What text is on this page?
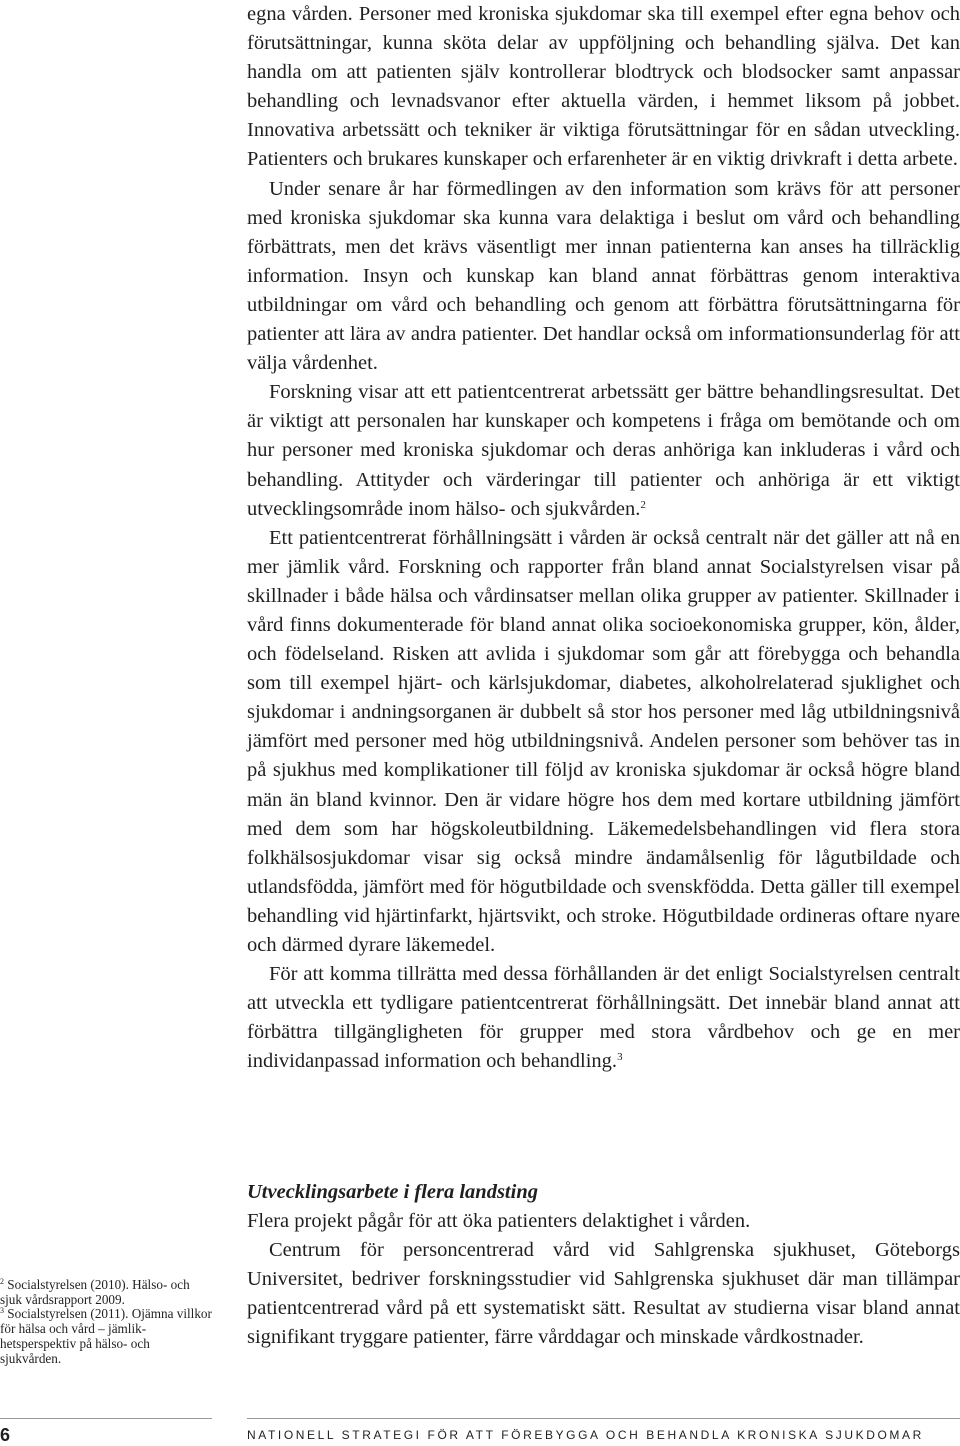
egna vården. Personer med kroniska sjukdomar ska till exempel efter egna behov och förutsättningar, kunna sköta delar av uppföljning och behandling själva. Det kan handla om att patienten själv kontrollerar blodtryck och blodsocker samt anpassar behandling och levnadsvanor efter aktuella värden, i hemmet liksom på jobbet. Innovativa arbetssätt och tekniker är viktiga förutsättningar för en sådan utveckling. Patienters och brukares kunskaper och erfarenheter är en viktig drivkraft i detta arbete.

Under senare år har förmedlingen av den information som krävs för att personer med kroniska sjukdomar ska kunna vara delaktiga i beslut om vård och behandling förbättrats, men det krävs väsentligt mer innan patienterna kan anses ha tillräcklig information. Insyn och kunskap kan bland annat förbättras genom interaktiva utbildningar om vård och behandling och genom att förbättra förutsättningarna för patienter att lära av andra patienter. Det handlar också om informationsunderlag för att välja vårdenhet.

Forskning visar att ett patientcentrerat arbetssätt ger bättre behandlingsresultat. Det är viktigt att personalen har kunskaper och kompetens i fråga om bemötande och om hur personer med kroniska sjukdomar och deras anhöriga kan inkluderas i vård och behandling. Attityder och värderingar till patienter och anhöriga är ett viktigt utvecklingsområde inom hälso- och sjukvården.$^2$

Ett patientcentrerat förhållningsätt i vården är också centralt när det gäller att nå en mer jämlik vård. Forskning och rapporter från bland annat Socialstyrelsen visar på skillnader i både hälsa och vårdinsatser mellan olika grupper av patienter. Skillnader i vård finns dokumenterade för bland annat olika socioekonomiska grupper, kön, ålder, och födelseland. Risken att avlida i sjukdomar som går att förebygga och behandla som till exempel hjärt- och kärlsjukdomar, diabetes, alkoholrelaterad sjuklighet och sjukdomar i andningsorganen är dubbelt så stor hos personer med låg utbildningsnivå jämfört med personer med hög utbildningsnivå. Andelen personer som behöver tas in på sjukhus med komplikationer till följd av kroniska sjukdomar är också högre bland män än bland kvinnor. Den är vidare högre hos dem med kortare utbildning jämfört med dem som har högskoleutbildning. Läkemedelsbehandlingen vid flera stora folkhälsosjukdomar visar sig också mindre ändamålsenlig för lågutbildade och utlandsfödda, jämfört med för högutbildade och svenskfödda. Detta gäller till exempel behandling vid hjärtinfarkt, hjärtsvikt, och stroke. Högutbildade ordineras oftare nyare och därmed dyrare läkemedel.

För att komma tillrätta med dessa förhållanden är det enligt Socialstyrelsen centralt att utveckla ett tydligare patientcentrerat förhållningsätt. Det innebär bland annat att förbättra tillgängligheten för grupper med stora vårdbehov och ge en mer individanpassad information och behandling.$^3$

Utvecklingsarbete i flera landsting

Flera projekt pågår för att öka patienters delaktighet i vården.

Centrum för personcentrerad vård vid Sahlgrenska sjukhuset, Göteborgs Universitet, bedriver forskningsstudier vid Sahlgrenska sjukhuset där man tillämpar patientcentrerad vård på ett systematiskt sätt. Resultat av studierna visar bland annat signifikant tryggare patienter, färre vårddagar och minskade vårdkostnader.

$^2$ Socialstyrelsen (2010). Hälso- och sjuk vårdsrapport 2009.
$^3$ Socialstyrelsen (2011). Ojämna villkor för hälsa och vård – jämlikhetsperspektiv på hälso- och sjukvården.
6	NATIONELL STRATEGI FÖR ATT FÖREBYGGA OCH BEHANDLA KRONISKA SJUKDOMAR
